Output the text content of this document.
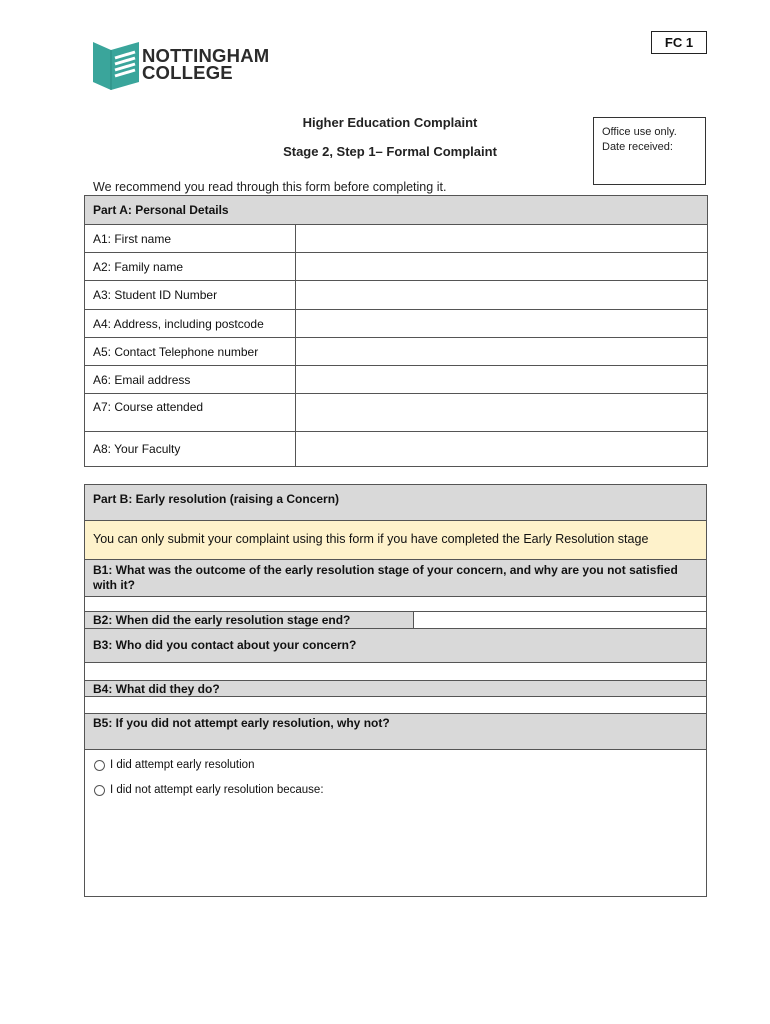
FC 1
NOTTINGHAM
COLLEGE
Higher Education Complaint
Stage 2, Step 1– Formal Complaint
Office use only.
Date received:
We recommend you read through this form before completing it.
Part A: Personal Details	
A1: First name	
A2: Family name	
A3: Student ID Number	
A4: Address, including postcode	
A5: Contact Telephone number	
A6: Email address	
A7: Course attended	
A8: Your Faculty	
Part B: Early resolution (raising a Concern)
You can only submit your complaint using this form if you have completed the Early Resolution stage
B1: What was the outcome of the early resolution stage of your concern, and why are you not satisfied with it?
B2: When did the early resolution stage end?
B3: Who did you contact about your concern?
B4: What did they do?
B5: If you did not attempt early resolution, why not?
I did attempt early resolution
I did not attempt early resolution because:
